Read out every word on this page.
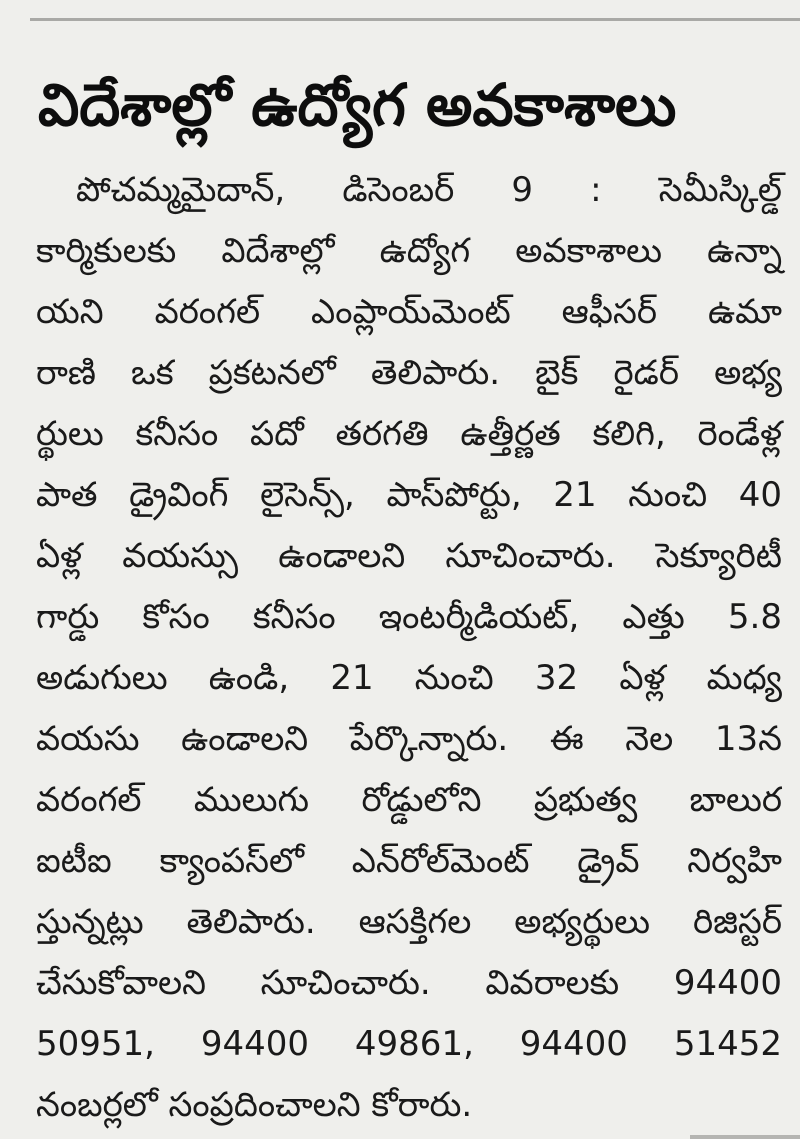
విదేశాల్లో ఉద్యోగ అవకాశాలు
పోచమ్మమైదాన్, డిసెంబర్ 9 : సెమీస్కిల్డ్
కార్మికులకు విదేశాల్లో ఉద్యోగ అవకాశాలు ఉన్నా
యని వరంగల్ ఎంప్లాయ్‌మెంట్ ఆఫీసర్ ఉమా
రాణి ఒక ప్రకటనలో తెలిపారు. బైక్ రైడర్ అభ్య
ర్థులు కనీసం పదో తరగతి ఉత్తీర్ణత కలిగి, రెండేళ్ల
పాత డ్రైవింగ్ లైసెన్స్, పాస్‌పోర్టు, 21 నుంచి 40
ఏళ్ల వయస్సు ఉండాలని సూచించారు. సెక్యూరిటీ
గార్డు కోసం కనీసం ఇంటర్మీడియట్, ఎత్తు 5.8
అడుగులు ఉండి, 21 నుంచి 32 ఏళ్ల మధ్య
వయసు ఉండాలని పేర్కొన్నారు. ఈ నెల 13న
వరంగల్ ములుగు రోడ్డులోని ప్రభుత్వ బాలుర
ఐటీఐ క్యాంపస్‌లో ఎన్‌రోల్‌మెంట్ డ్రైవ్ నిర్వహి
స్తున్నట్లు తెలిపారు. ఆసక్తిగల అభ్యర్థులు రిజిస్టర్
చేసుకోవాలని సూచించారు. వివరాలకు 94400
50951, 94400 49861, 94400 51452
నంబర్లలో సంప్రదించాలని కోరారు.
